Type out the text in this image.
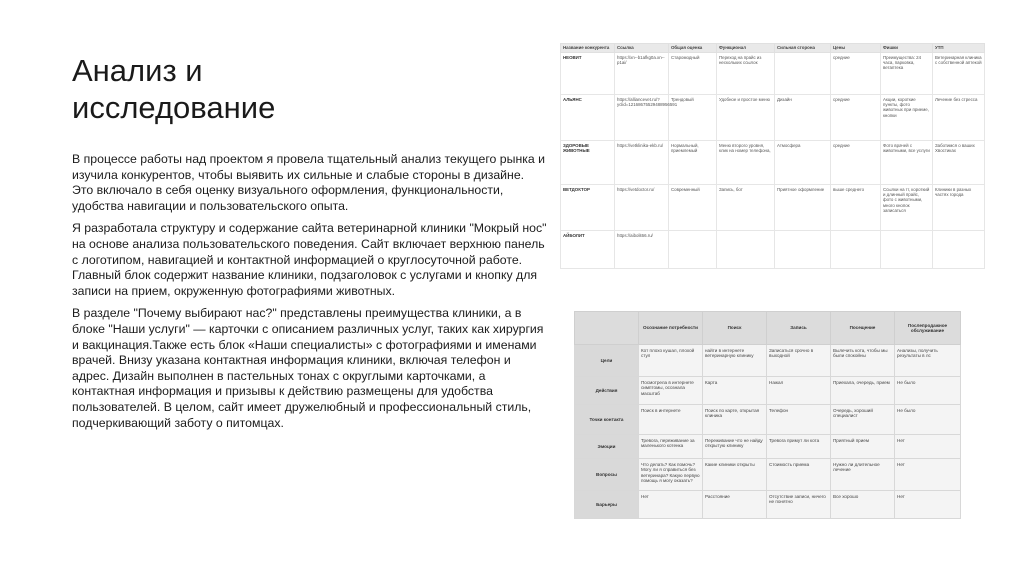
Анализ и
исследование

В процессе работы над проектом я провела тщательный анализ текущего рынка и изучила конкурентов, чтобы выявить их сильные и слабые стороны в дизайне. Это включало в себя оценку визуального оформления, функциональности, удобства навигации и пользовательского опыта.

Я разработала структуру и содержание сайта ветеринарной клиники "Мокрый нос" на основе анализа пользовательского поведения. Сайт включает верхнюю панель с логотипом, навигацией и контактной информацией о круглосуточной работе. Главный блок содержит название клиники, подзаголовок с услугами и кнопку для записи на прием, окруженную фотографиями животных.

В разделе "Почему выбирают нас?" представлены преимущества клиники, а в блоке "Наши услуги" — карточки с описанием различных услуг, таких как хирургия и вакцинация.Также есть блок «Наши специалисты» с фотографиями и именами врачей. Внизу указана контактная информация клиники, включая телефон и адрес. Дизайн выполнен в пастельных тонах с округлыми карточками, а контактная информация и призывы к действию размещены для удобства пользователей. В целом, сайт имеет дружелюбный и профессиональный стиль, подчеркивающий заботу о питомцах.

Название конкурента	Ссылка	Общая оценка	Функционал	Сильная сторона	Цены	Фишки	УТП
НЕОВИТ	https://xn--b1afkg0a.xn--p1ai/	Старомодный	Переход на прайс из нескольких ссылок		средние	Преимущества: 24 часа, парковка, ветаптека	Ветеринарная клиника с собственной аптекой
АЛЬЯНС	https://alliancevet.ru/?yclid=12168675529488956591	Трендовый	Удобное и простое меню	Дизайн	средние	Акции, короткие пункты, фото животных при приеме, кнопки	Лечение без стресса
ЗДОРОВЫЕ ЖИВОТНЫЕ	https://vetklinika-ekb.ru/	Нормальный, приемлемый	Меню второго уровня, клик на номер телефона,	Атмосфера	средние	Фото врачей с животными, все услуги	Заботимся о ваших Хвостиках
ВЕТДОКТОР	https://vetdoctor.ru/	Современный	Запись, бот	Приятное оформление	выше среднего	Ссылки на тг, короткий и длинный прайс, фото с животными, много кнопок записаться	Клиники в разных частях города
АЙБОЛИТ	https://aibolit66.ru/						
	Осознание потребности	Поиск	Запись	Посещение	Послепродажное обслуживание
Цели	Кот плохо кушал, плохой стул	найти в интернете ветеринарную клинику	Записаться срочно в выходной	Вылечить кота, чтобы мы были спокойны	Анализы, получить результаты в лс
Действия	Посмотрела в интернете симптомы, осознала масштаб	Карта	Нажал	Приехала, очередь, прием	Не было
Точки контакта	Поиск в интернете	Поиск по карте, открытая клиника	Телефон	Очередь, хороший специалист	Не было
Эмоции	Тревога, переживание за маленького котенка	Переживание что не найду открытую клинику	Тревога примут ли кота	Приятный прием	Нет
Вопросы	Что делать? Как помочь? Могу ли я справиться без ветеринара? Какую первую помощь я могу оказать?	Какие клиники открыты	Стоимость приема	Нужно ли длительное лечение	Нет
Барьеры	Нет	Расстояние	Отсутствие записи, ничего не понятно	Все хорошо	Нет
